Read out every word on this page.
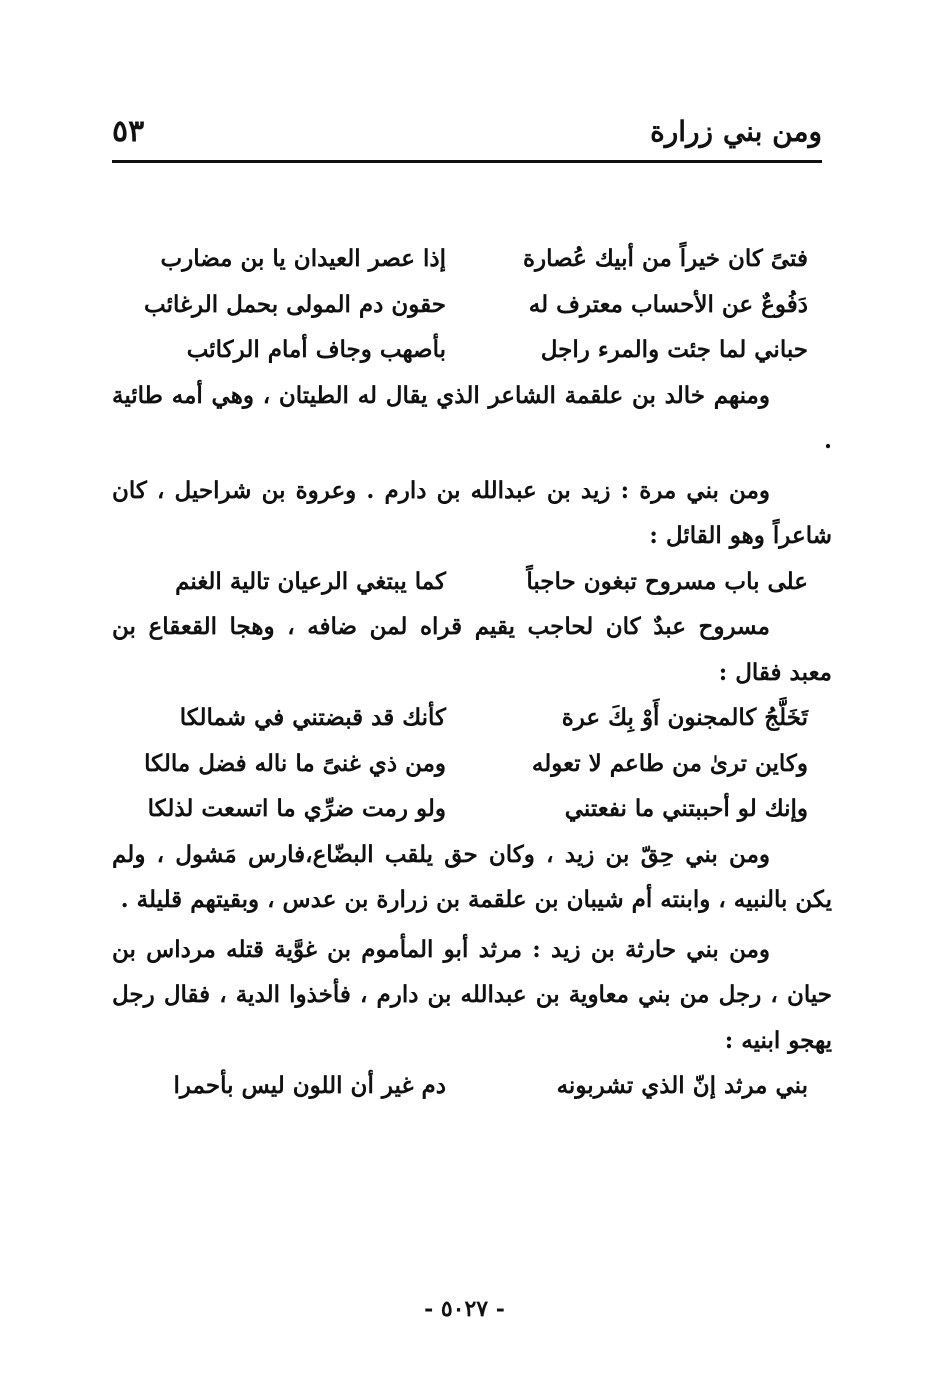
ومن بني زرارة
٥٣
فتىً كان خيراً من أبيك عُصارة
إذا عصر العيدان يا بن مضارب
دَفُوعٌ عن الأحساب معترف له
حقون دم المولى بحمل الرغائب
حباني لما جئت والمرء راجل
بأصهب وجاف أمام الركائب

ومنهم خالد بن علقمة الشاعر الذي يقال له الطيتان ، وهي أمه طائية .

ومن بني مرة : زيد بن عبدالله بن دارم . وعروة بن شراحيل ، كان شاعراً وهو القائل :

على باب مسروح تبغون حاجباً
كما يبتغي الرعيان تالية الغنم

مسروح عبدٌ كان لحاجب يقيم قراه لمن ضافه ، وهجا القعقاع بن معبد فقال :

تَخَلَّجُ كالمجنون أَوْ بِكَ عرة
كأنك قد قبضتني في شمالكا
وكاين ترىٰ من طاعم لا تعوله
ومن ذي غنىً ما ناله فضل مالكا
وإنك لو أحببتني ما نفعتني
ولو رمت ضرِّي ما اتسعت لذلكا

ومن بني حِقّ بن زيد ، وكان حق يلقب البضّاع،فارس مَشول ، ولم يكن بالنبيه ، وابنته أم شيبان بن علقمة بن زرارة بن عدس ، وبقيتهم قليلة .

ومن بني حارثة بن زيد : مرثد أبو المأموم بن غوَّية قتله مرداس بن حيان ، رجل من بني معاوية بن عبدالله بن دارم ، فأخذوا الدية ، فقال رجل يهجو ابنيه :

بني مرثد إنّ الذي تشربونه
دم غير أن اللون ليس بأحمرا
- ٥٠٢٧ -
